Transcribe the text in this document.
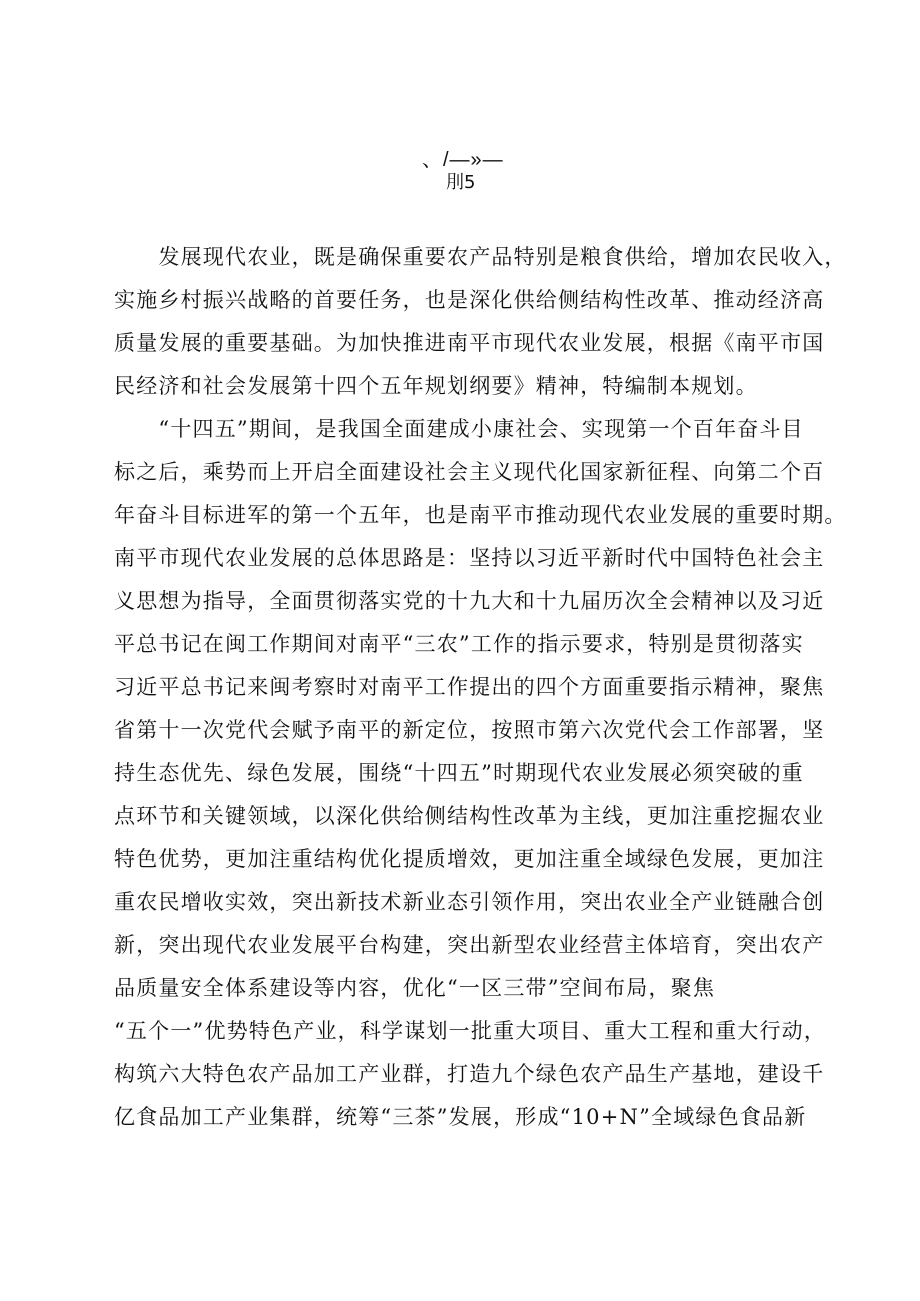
、/—»—
刖5
　　发展现代农业，既是确保重要农产品特别是粮食供给，增加农民收入，
实施乡村振兴战略的首要任务，也是深化供给侧结构性改革、推动经济高
质量发展的重要基础。为加快推进南平市现代农业发展，根据《南平市国
民经济和社会发展第十四个五年规划纲要》精神，特编制本规划。
　　“十四五”期间，是我国全面建成小康社会、实现第一个百年奋斗目
标之后，乘势而上开启全面建设社会主义现代化国家新征程、向第二个百
年奋斗目标进军的第一个五年，也是南平市推动现代农业发展的重要时期。
南平市现代农业发展的总体思路是：坚持以习近平新时代中国特色社会主
义思想为指导，全面贯彻落实党的十九大和十九届历次全会精神以及习近
平总书记在闽工作期间对南平“三农”工作的指示要求，特别是贯彻落实
习近平总书记来闽考察时对南平工作提出的四个方面重要指示精神，聚焦
省第十一次党代会赋予南平的新定位，按照市第六次党代会工作部署，坚
持生态优先、绿色发展，围绕“十四五”时期现代农业发展必须突破的重
点环节和关键领域，以深化供给侧结构性改革为主线，更加注重挖掘农业
特色优势，更加注重结构优化提质增效，更加注重全域绿色发展，更加注
重农民增收实效，突出新技术新业态引领作用，突出农业全产业链融合创
新，突出现代农业发展平台构建，突出新型农业经营主体培育，突出农产
品质量安全体系建设等内容，优化“一区三带”空间布局，聚焦
“五个一”优势特色产业，科学谋划一批重大项目、重大工程和重大行动，
构筑六大特色农产品加工产业群，打造九个绿色农产品生产基地，建设千
亿食品加工产业集群，统筹“三茶”发展，形成“10+N”全域绿色食品新
